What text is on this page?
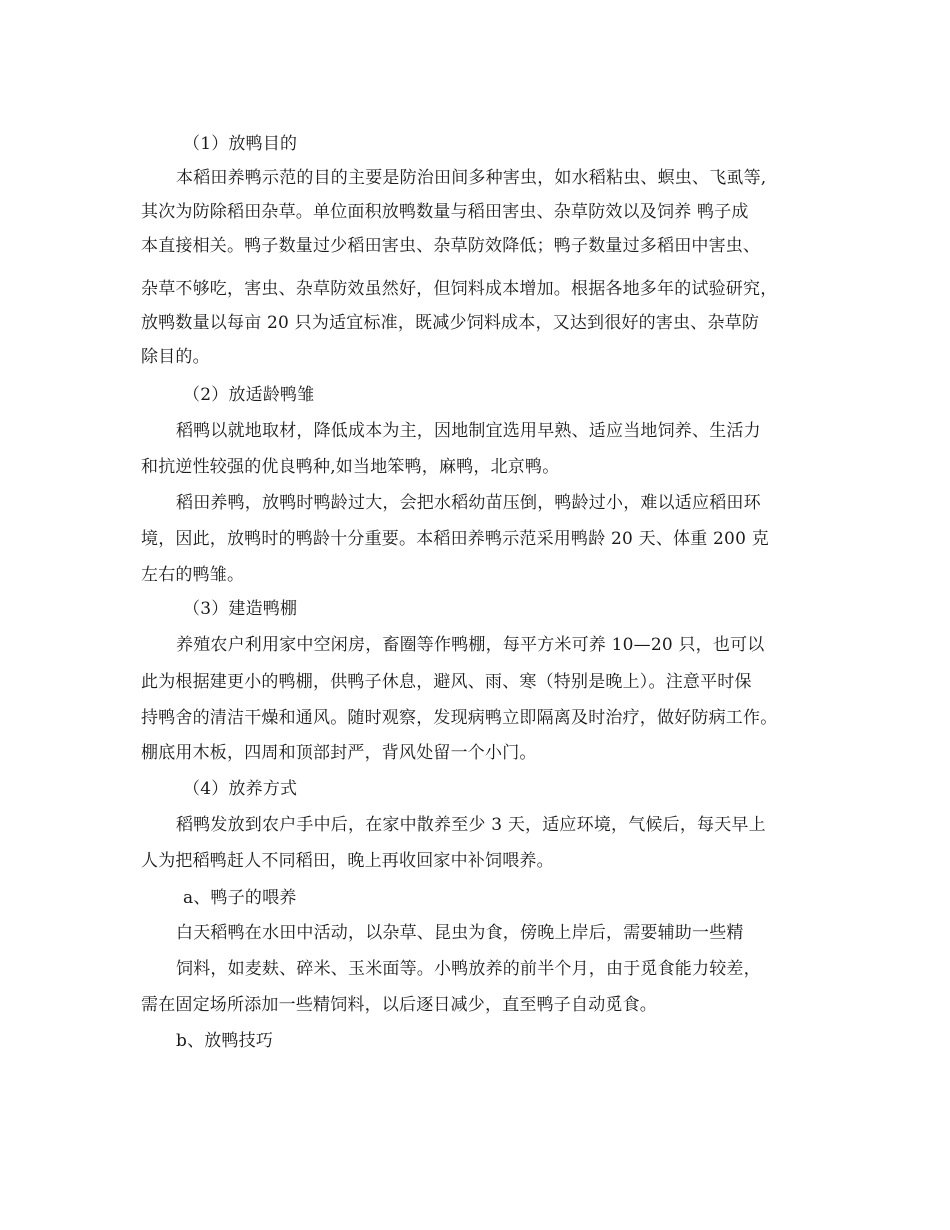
（1）放鸭目的
本稻田养鸭示范的目的主要是防治田间多种害虫，如水稻粘虫、螟虫、飞虱等,
其次为防除稻田杂草。单位面积放鸭数量与稻田害虫、杂草防效以及饲养 鸭子成
本直接相关。鸭子数量过少稻田害虫、杂草防效降低；鸭子数量过多稻田中害虫、
杂草不够吃，害虫、杂草防效虽然好，但饲料成本增加。根据各地多年的试验研究，
放鸭数量以每亩 20 只为适宜标准，既减少饲料成本，又达到很好的害虫、杂草防
除目的。
（2）放适龄鸭雏
稻鸭以就地取材，降低成本为主，因地制宜选用早熟、适应当地饲养、生活力
和抗逆性较强的优良鸭种,如当地笨鸭，麻鸭，北京鸭。
稻田养鸭，放鸭时鸭龄过大，会把水稻幼苗压倒，鸭龄过小，难以适应稻田环
境，因此，放鸭时的鸭龄十分重要。本稻田养鸭示范采用鸭龄 20 天、体重 200 克
左右的鸭雏。
（3）建造鸭棚
养殖农户利用家中空闲房，畜圈等作鸭棚，每平方米可养 10—20 只，也可以
此为根据建更小的鸭棚，供鸭子休息，避风、雨、寒（特别是晚上）。注意平时保
持鸭舍的清洁干燥和通风。随时观察，发现病鸭立即隔离及时治疗，做好防病工作。
棚底用木板，四周和顶部封严，背风处留一个小门。
（4）放养方式
稻鸭发放到农户手中后，在家中散养至少 3 天，适应环境，气候后，每天早上
人为把稻鸭赶人不同稻田，晚上再收回家中补饲喂养。
a、鸭子的喂养
白天稻鸭在水田中活动，以杂草、昆虫为食，傍晚上岸后，需要辅助一些精
饲料，如麦麸、碎米、玉米面等。小鸭放养的前半个月，由于觅食能力较差，
需在固定场所添加一些精饲料，以后逐日减少，直至鸭子自动觅食。
b、放鸭技巧
